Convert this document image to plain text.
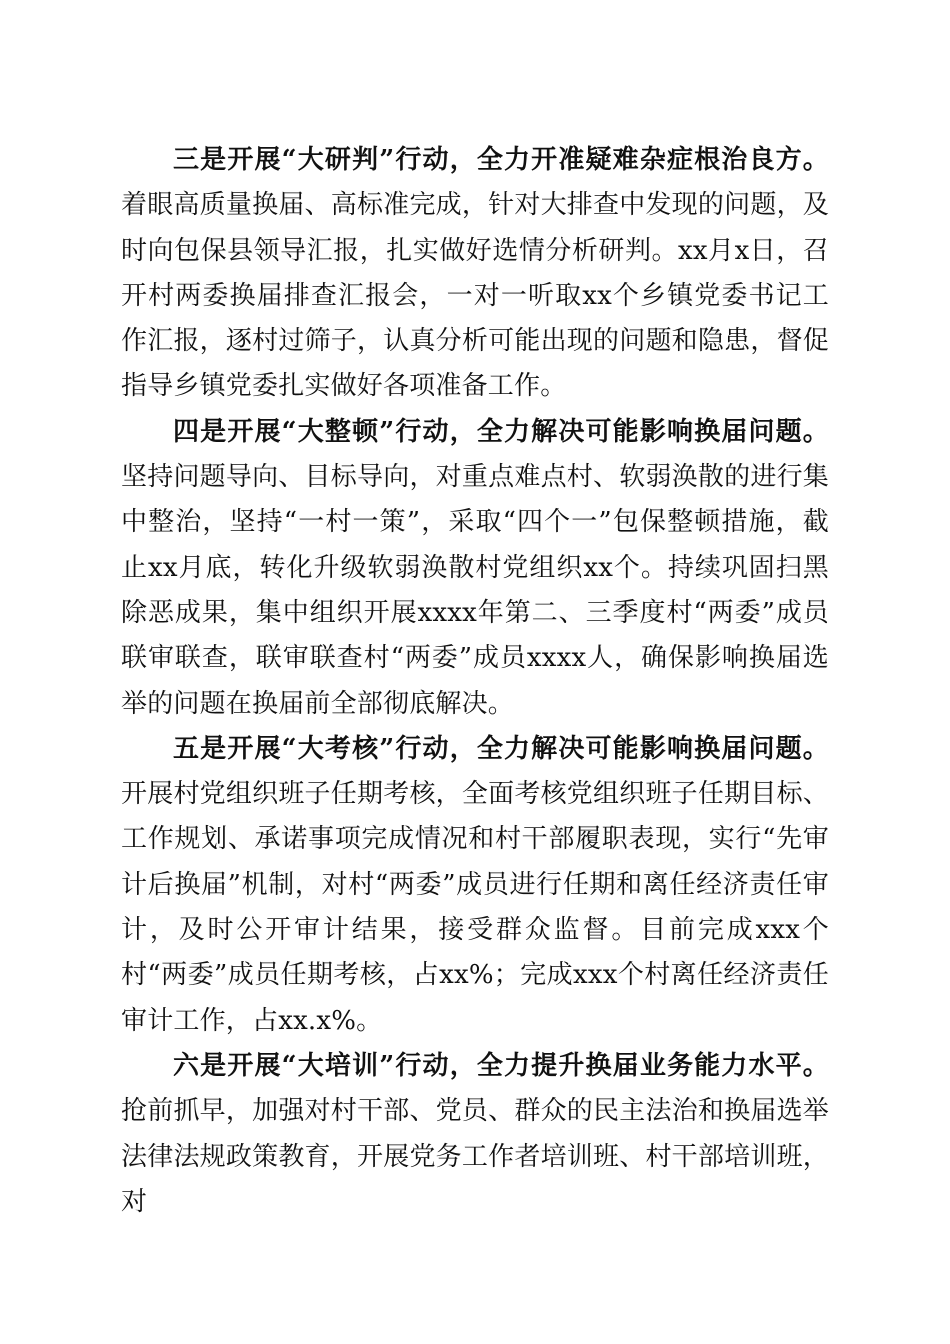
三是开展“大研判”行动，全力开准疑难杂症根治良方。着眼高质量换届、高标准完成，针对大排查中发现的问题，及时向包保县领导汇报，扎实做好选情分析研判。xx月x日，召开村两委换届排查汇报会，一对一听取xx个乡镇党委书记工作汇报，逐村过筛子，认真分析可能出现的问题和隐患，督促指导乡镇党委扎实做好各项准备工作。

四是开展“大整顿”行动，全力解决可能影响换届问题。坚持问题导向、目标导向，对重点难点村、软弱涣散的进行集中整治，坚持“一村一策”，采取“四个一”包保整顿措施，截止xx月底，转化升级软弱涣散村党组织xx个。持续巩固扫黑除恶成果，集中组织开展xxxx年第二、三季度村“两委”成员联审联查，联审联查村“两委”成员xxxx人，确保影响换届选举的问题在换届前全部彻底解决。

五是开展“大考核”行动，全力解决可能影响换届问题。开展村党组织班子任期考核，全面考核党组织班子任期目标、工作规划、承诺事项完成情况和村干部履职表现，实行“先审计后换届”机制，对村“两委”成员进行任期和离任经济责任审计，及时公开审计结果，接受群众监督。目前完成xxx个村“两委”成员任期考核，占xx%；完成xxx个村离任经济责任审计工作，占xx.x%。

六是开展“大培训”行动，全力提升换届业务能力水平。抢前抓早，加强对村干部、党员、群众的民主法治和换届选举法律法规政策教育，开展党务工作者培训班、村干部培训班，对
